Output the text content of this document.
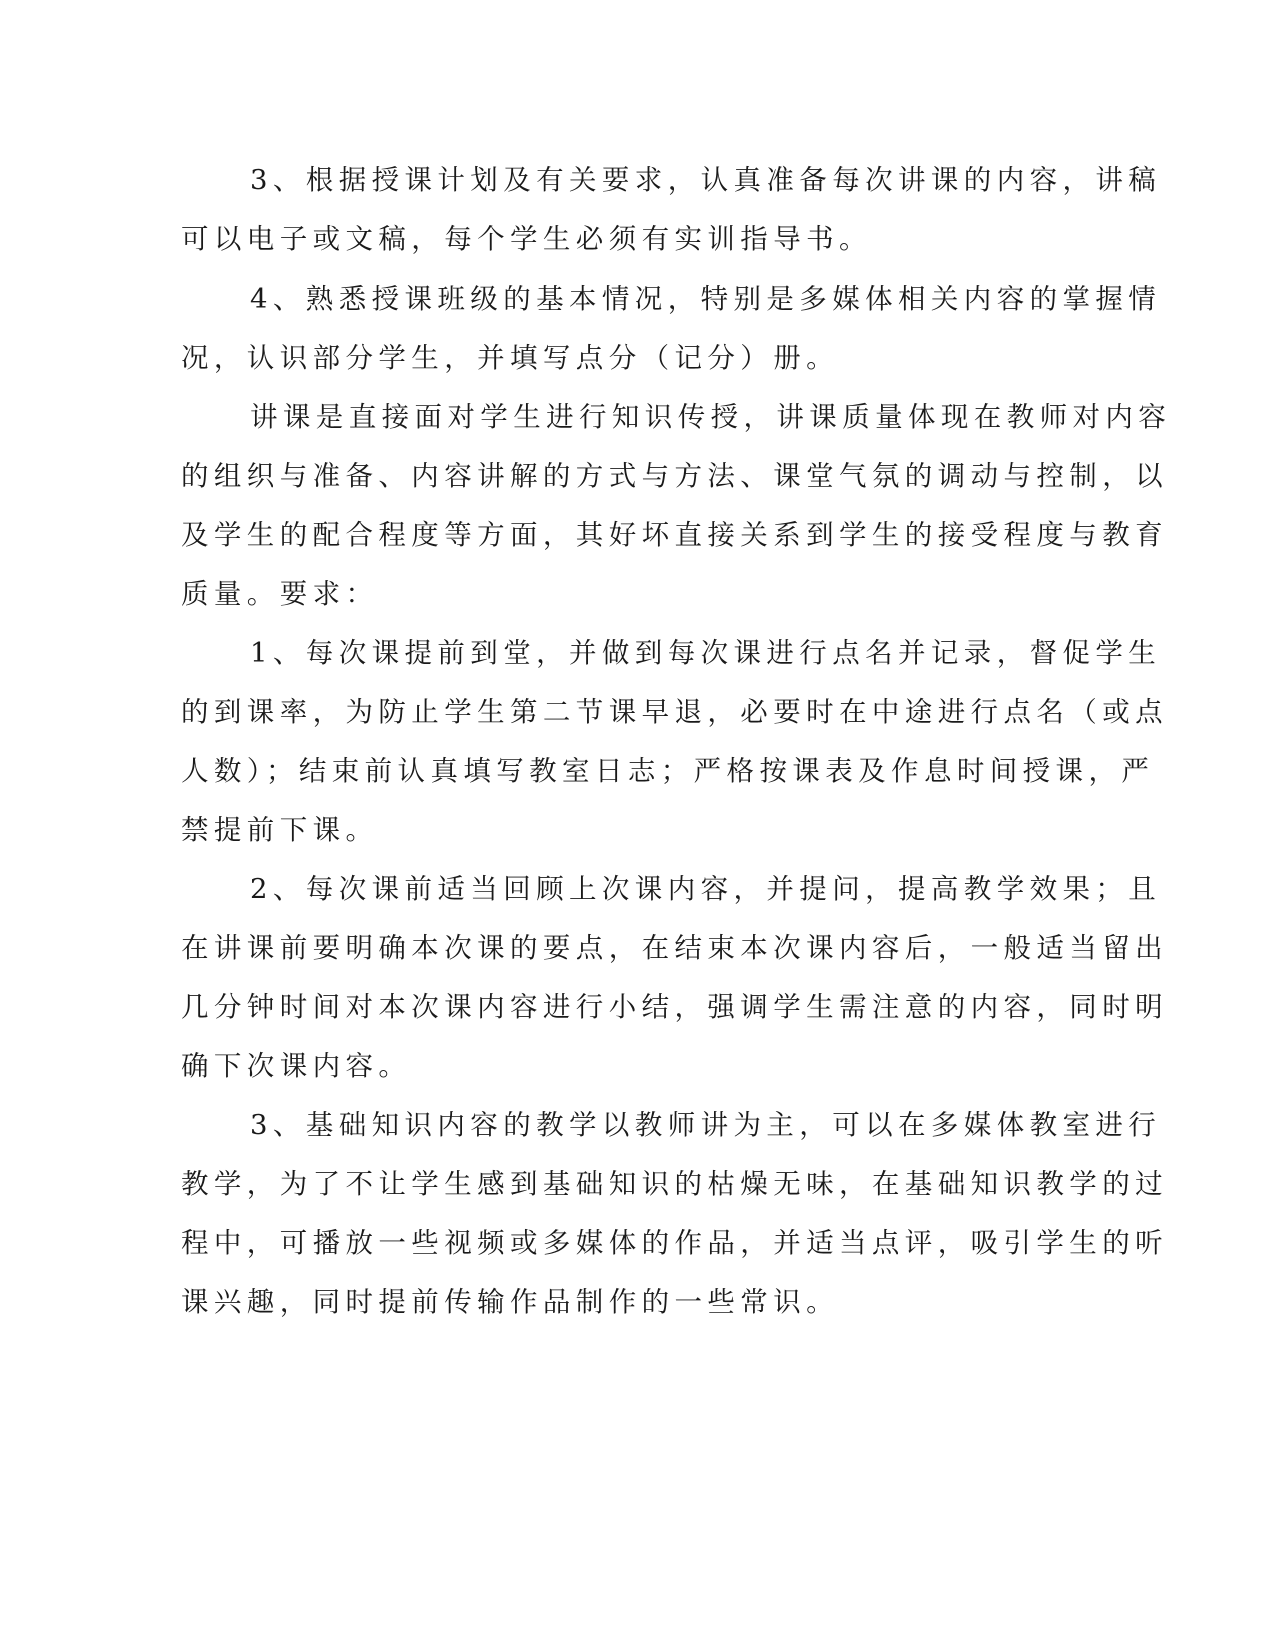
3、根据授课计划及有关要求，认真准备每次讲课的内容，讲稿

可以电子或文稿，每个学生必须有实训指导书。

4、熟悉授课班级的基本情况，特别是多媒体相关内容的掌握情

况，认识部分学生，并填写点分（记分）册。

讲课是直接面对学生进行知识传授，讲课质量体现在教师对内容

的组织与准备、内容讲解的方式与方法、课堂气氛的调动与控制，以

及学生的配合程度等方面，其好坏直接关系到学生的接受程度与教育

质量。要求：

1、每次课提前到堂，并做到每次课进行点名并记录，督促学生

的到课率，为防止学生第二节课早退，必要时在中途进行点名（或点

人数）；结束前认真填写教室日志；严格按课表及作息时间授课，严

禁提前下课。

2、每次课前适当回顾上次课内容，并提问，提高教学效果；且

在讲课前要明确本次课的要点，在结束本次课内容后，一般适当留出

几分钟时间对本次课内容进行小结，强调学生需注意的内容，同时明

确下次课内容。

3、基础知识内容的教学以教师讲为主，可以在多媒体教室进行

教学，为了不让学生感到基础知识的枯燥无味，在基础知识教学的过

程中，可播放一些视频或多媒体的作品，并适当点评，吸引学生的听

课兴趣，同时提前传输作品制作的一些常识。
